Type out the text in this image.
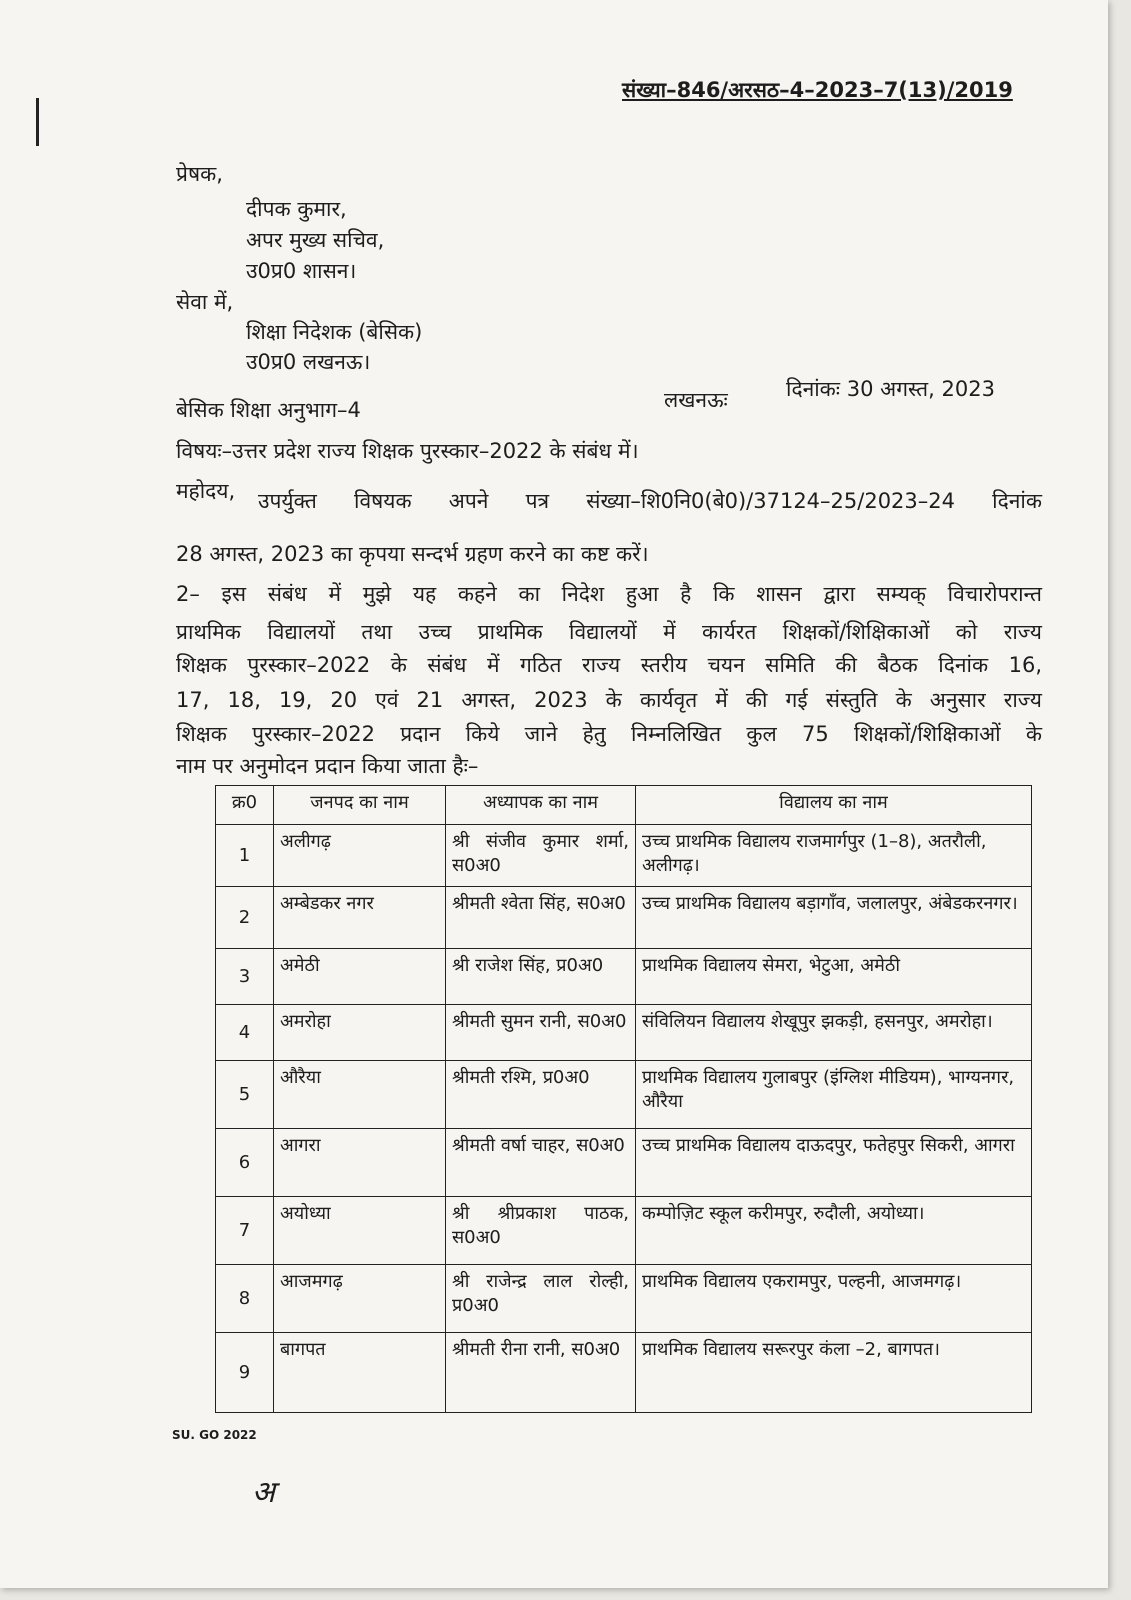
संख्या–846/अरसठ–4–2023–7(13)/2019
प्रेषक,
दीपक कुमार,
अपर मुख्य सचिव,
उ0प्र0 शासन।
सेवा में,
शिक्षा निदेशक (बेसिक)
उ0प्र0 लखनऊ।
बेसिक शिक्षा अनुभाग–4	लखनऊः	दिनांकः 30 अगस्त, 2023
विषयः–उत्तर प्रदेश राज्य शिक्षक पुरस्कार–2022 के संबंध में।
महोदय, उपर्युक्त विषयक अपने पत्र संख्या–शि0नि0(बे0)/37124–25/2023–24 दिनांक
28 अगस्त, 2023 का कृपया सन्दर्भ ग्रहण करने का कष्ट करें।
2– इस संबंध में मुझे यह कहने का निदेश हुआ है कि शासन द्वारा सम्यक् विचारोपरान्त
प्राथमिक विद्यालयों तथा उच्च प्राथमिक विद्यालयों में कार्यरत शिक्षकों/शिक्षिकाओं को राज्य
शिक्षक पुरस्कार–2022 के संबंध में गठित राज्य स्तरीय चयन समिति की बैठक दिनांक 16,
17, 18, 19, 20 एवं 21 अगस्त, 2023 के कार्यवृत में की गई संस्तुति के अनुसार राज्य
शिक्षक पुरस्कार–2022 प्रदान किये जाने हेतु निम्नलिखित कुल 75 शिक्षकों/शिक्षिकाओं के
नाम पर अनुमोदन प्रदान किया जाता हैः–
क्र0	जनपद का नाम	अध्यापक का नाम	विद्यालय का नाम
1	अलीगढ़	श्री संजीव कुमार शर्मा, स0अ0	उच्च प्राथमिक विद्यालय राजमार्गपुर (1–8), अतरौली, अलीगढ़।
2	अम्बेडकर नगर	श्रीमती श्वेता सिंह, स0अ0	उच्च प्राथमिक विद्यालय बड़ागाँव, जलालपुर, अंबेडकरनगर।
3	अमेठी	श्री राजेश सिंह, प्र0अ0	प्राथमिक विद्यालय सेमरा, भेटुआ, अमेठी
4	अमरोहा	श्रीमती सुमन रानी, स0अ0	संविलियन विद्यालय शेखूपुर झकड़ी, हसनपुर, अमरोहा।
5	औरैया	श्रीमती रश्मि, प्र0अ0	प्राथमिक विद्यालय गुलाबपुर (इंग्लिश मीडियम), भाग्यनगर, औरैया
6	आगरा	श्रीमती वर्षा चाहर, स0अ0	उच्च प्राथमिक विद्यालय दाऊदपुर, फतेहपुर सिकरी, आगरा
7	अयोध्या	श्री श्रीप्रकाश पाठक, स0अ0	कम्पोज़िट स्कूल करीमपुर, रुदौली, अयोध्या।
8	आजमगढ़	श्री राजेन्द्र लाल रोल्ही, प्र0अ0	प्राथमिक विद्यालय एकरामपुर, पल्हनी, आजमगढ़।
9	बागपत	श्रीमती रीना रानी, स0अ0	प्राथमिक विद्यालय सरूरपुर कंला –2, बागपत।
SU. GO 2022
अ
